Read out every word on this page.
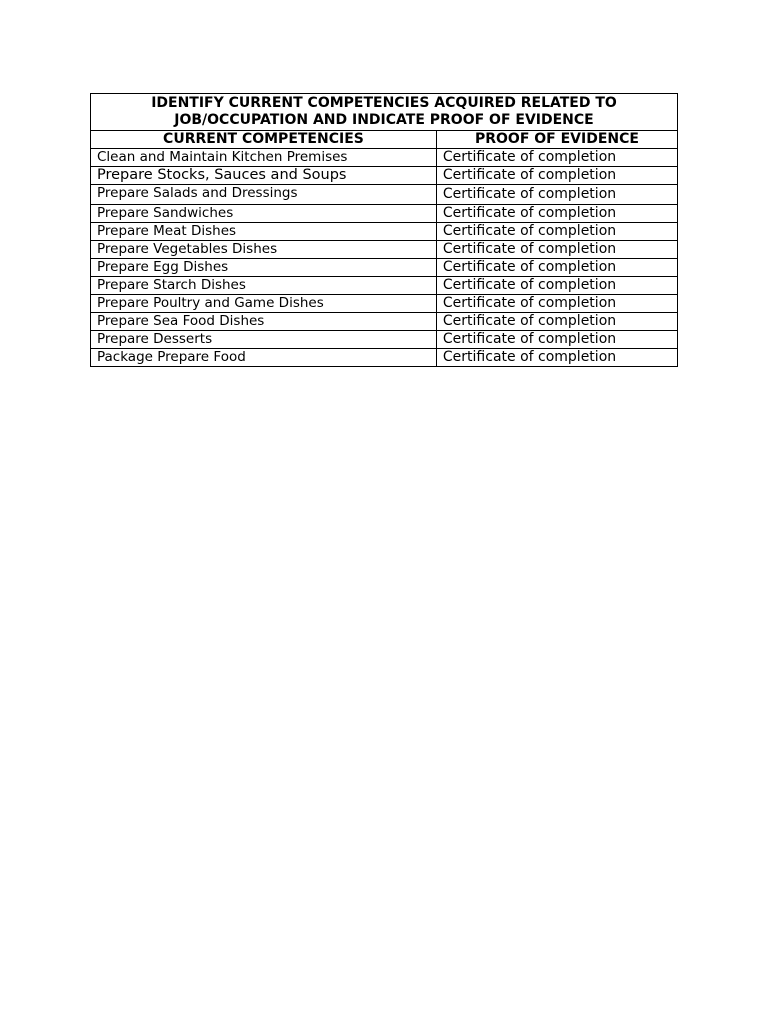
IDENTIFY CURRENT COMPETENCIES ACQUIRED RELATED TO
JOB/OCCUPATION AND INDICATE PROOF OF EVIDENCE	
CURRENT COMPETENCIES	PROOF OF EVIDENCE
Clean and Maintain Kitchen Premises	Certificate of completion
Prepare Stocks, Sauces and Soups	Certificate of completion
Prepare Salads and Dressings	Certificate of completion
Prepare Sandwiches	Certificate of completion
Prepare Meat Dishes	Certificate of completion
Prepare Vegetables Dishes	Certificate of completion
Prepare Egg Dishes	Certificate of completion
Prepare Starch Dishes	Certificate of completion
Prepare Poultry and Game Dishes	Certificate of completion
Prepare Sea Food Dishes	Certificate of completion
Prepare Desserts	Certificate of completion
Package Prepare Food	Certificate of completion
